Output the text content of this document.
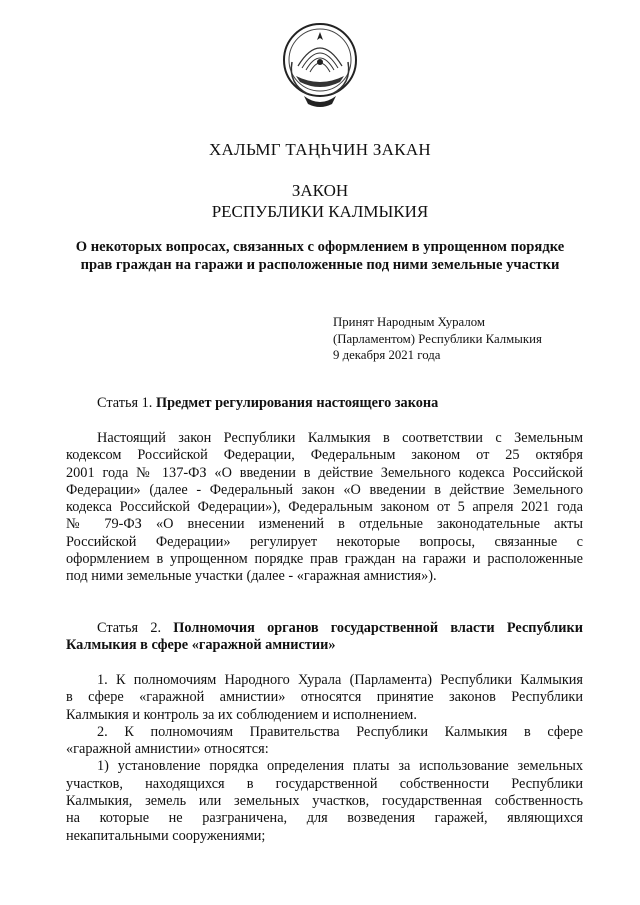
ХАЛЬМГ ТАҢҺЧИН ЗАКАН
ЗАКОН
РЕСПУБЛИКИ КАЛМЫКИЯ
О некоторых вопросах, связанных с оформлением в упрощенном порядке
прав граждан на гаражи и расположенные под ними земельные участки
Принят Народным Хуралом
(Парламентом) Республики Калмыкия
9 декабря 2021 года
Статья 1. Предмет регулирования настоящего закона
Настоящий закон Республики Калмыкия в соответствии с Земельным
кодексом Российской Федерации, Федеральным законом от 25 октября
2001 года № 137-ФЗ «О введении в действие Земельного кодекса Российской
Федерации» (далее - Федеральный закон «О введении в действие Земельного
кодекса Российской Федерации»), Федеральным законом от 5 апреля 2021 года
№ 79-ФЗ «О внесении изменений в отдельные законодательные акты
Российской Федерации» регулирует некоторые вопросы, связанные с
оформлением в упрощенном порядке прав граждан на гаражи и расположенные
под ними земельные участки (далее - «гаражная амнистия»).
Статья 2. Полномочия органов государственной власти Республики
Калмыкия в сфере «гаражной амнистии»
1. К полномочиям Народного Хурала (Парламента) Республики Калмыкия
в сфере «гаражной амнистии» относятся принятие законов Республики
Калмыкия и контроль за их соблюдением и исполнением.
2. К полномочиям Правительства Республики Калмыкия в сфере
«гаражной амнистии» относятся:
1) установление порядка определения платы за использование земельных
участков, находящихся в государственной собственности Республики
Калмыкия, земель или земельных участков, государственная собственность
на которые не разграничена, для возведения гаражей, являющихся
некапитальными сооружениями;
